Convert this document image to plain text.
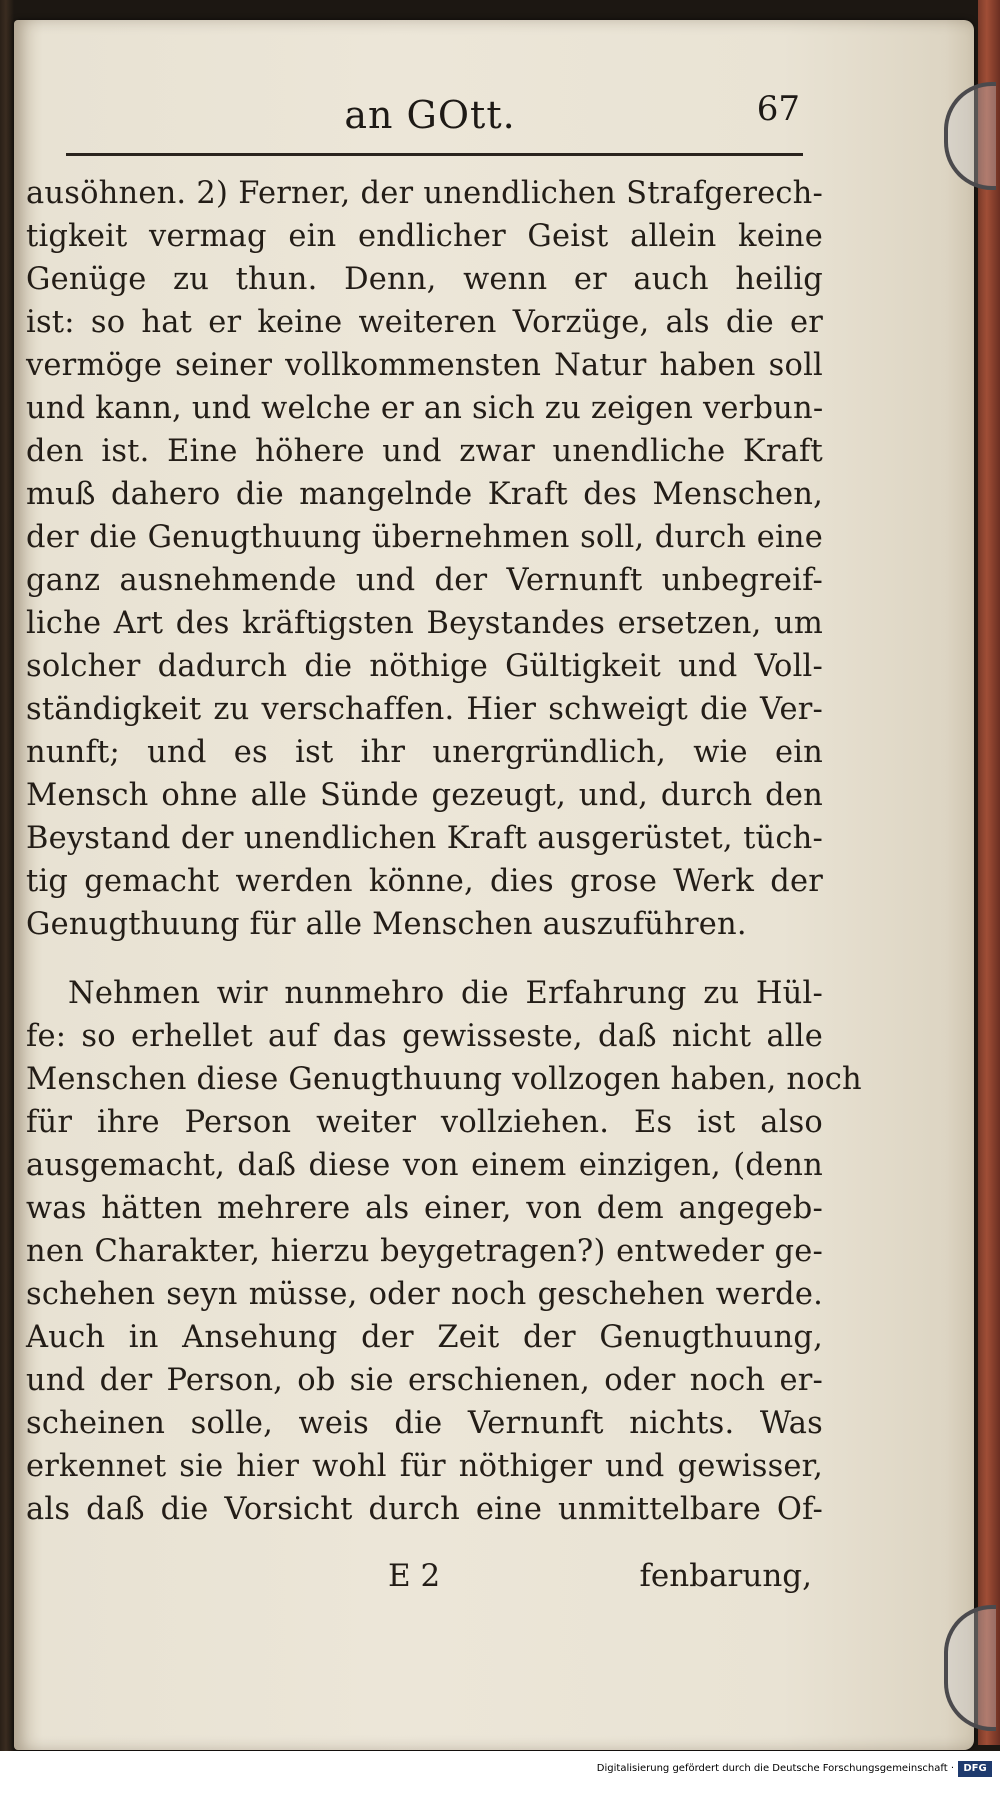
an GOtt.	67
ausöhnen. 2) Ferner, der unendlichen Strafgerech-
tigkeit vermag ein endlicher Geist allein keine
Genüge zu thun. Denn, wenn er auch heilig
ist: so hat er keine weiteren Vorzüge, als die er
vermöge seiner vollkommensten Natur haben soll
und kann, und welche er an sich zu zeigen verbun-
den ist. Eine höhere und zwar unendliche Kraft
muß dahero die mangelnde Kraft des Menschen,
der die Genugthuung übernehmen soll, durch eine
ganz ausnehmende und der Vernunft unbegreif-
liche Art des kräftigsten Beystandes ersetzen, um
solcher dadurch die nöthige Gültigkeit und Voll-
ständigkeit zu verschaffen. Hier schweigt die Ver-
nunft; und es ist ihr unergründlich, wie ein
Mensch ohne alle Sünde gezeugt, und, durch den
Beystand der unendlichen Kraft ausgerüstet, tüch-
tig gemacht werden könne, dies grose Werk der
Genugthuung für alle Menschen auszuführen.
Nehmen wir nunmehro die Erfahrung zu Hül-
fe: so erhellet auf das gewisseste, daß nicht alle
Menschen diese Genugthuung vollzogen haben, noch
für ihre Person weiter vollziehen. Es ist also
ausgemacht, daß diese von einem einzigen, (denn
was hätten mehrere als einer, von dem angegeb-
nen Charakter, hierzu beygetragen?) entweder ge-
schehen seyn müsse, oder noch geschehen werde.
Auch in Ansehung der Zeit der Genugthuung,
und der Person, ob sie erschienen, oder noch er-
scheinen solle, weis die Vernunft nichts. Was
erkennet sie hier wohl für nöthiger und gewisser,
als daß die Vorsicht durch eine unmittelbare Of-
E 2	fenbarung,
Digitalisierung gefördert durch die Deutsche Forschungsgemeinschaft · DFG
